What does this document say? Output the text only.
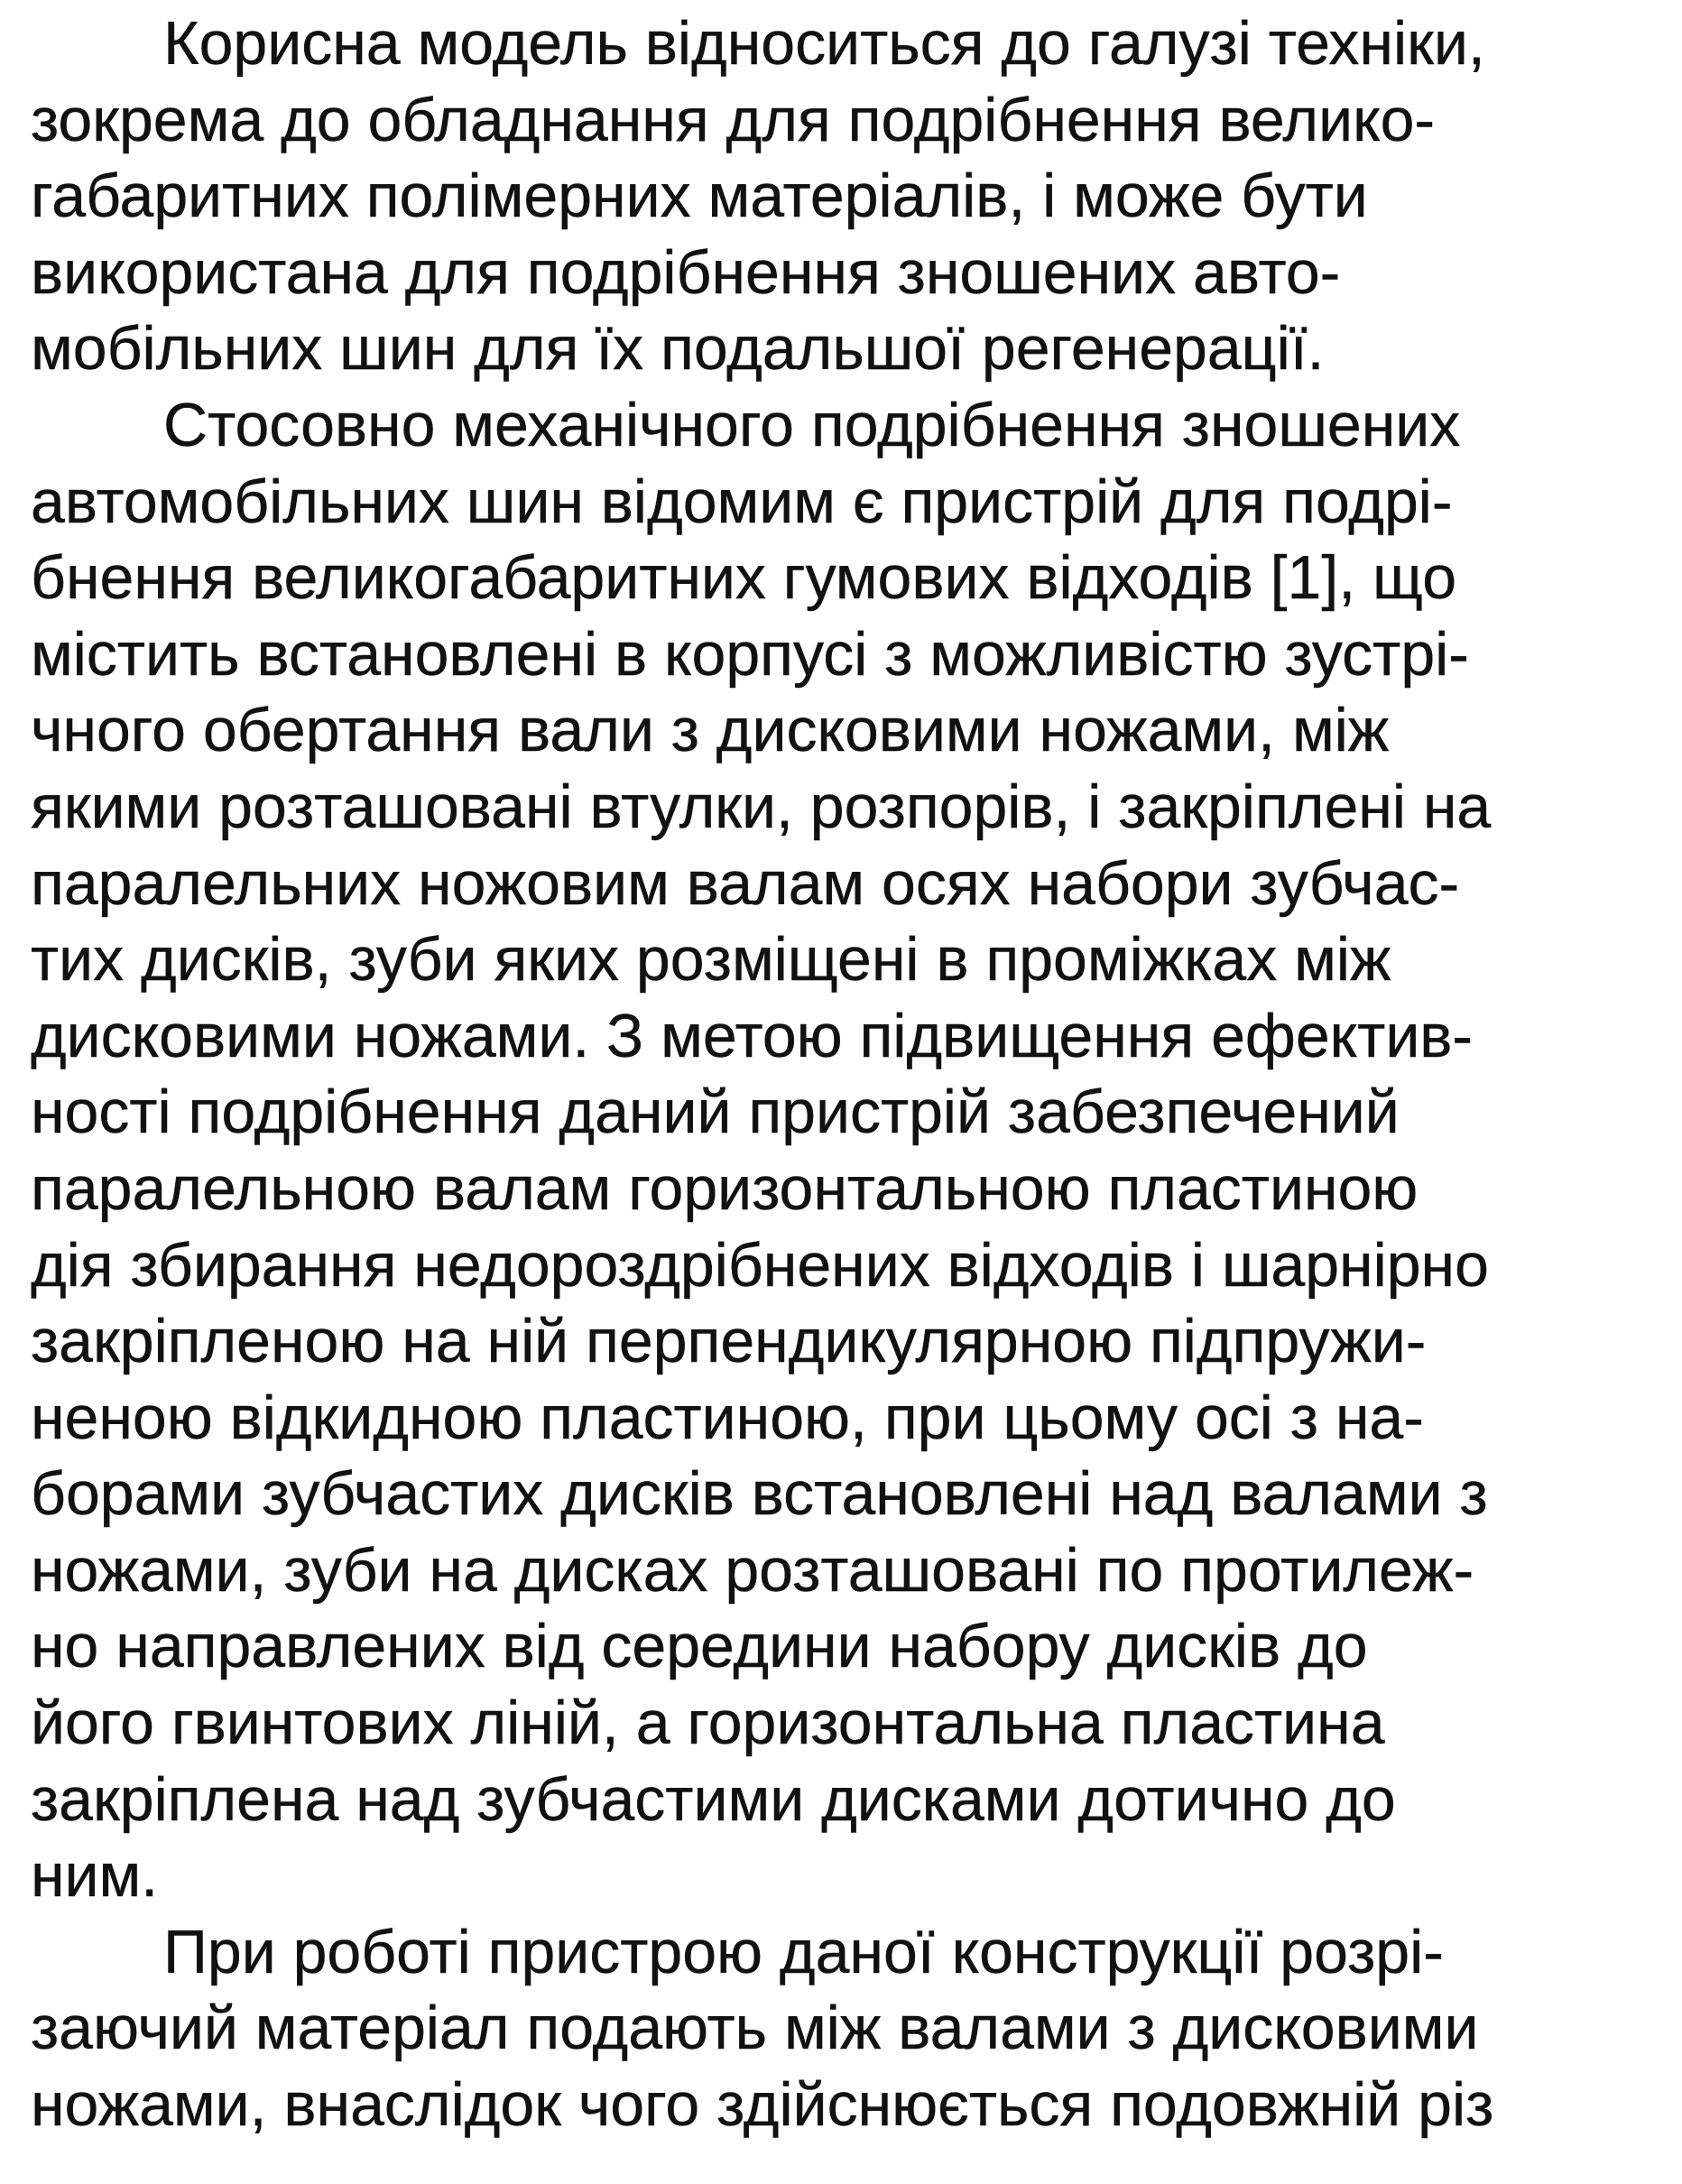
Корисна модель відноситься до галузі техніки,
зокрема до обладнання для подрібнення велико-
габаритних полімерних матеріалів, і може бути
використана для подрібнення зношених авто-
мобільних шин для їх подальшої регенерації.
Стосовно механічного подрібнення зношених
автомобільних шин відомим є пристрій для подрі-
бнення великогабаритних гумових відходів [1], що
містить встановлені в корпусі з можливістю зустрі-
чного обертання вали з дисковими ножами, між
якими розташовані втулки, розпорів, і закріплені на
паралельних ножовим валам осях набори зубчас-
тих дисків, зуби яких розміщені в проміжках між
дисковими ножами. З метою підвищення ефектив-
ності подрібнення даний пристрій забезпечений
паралельною валам горизонтальною пластиною
дія збирання недороздрібнених відходів і шарнірно
закріпленою на ній перпендикулярною підпружи-
неною відкидною пластиною, при цьому осі з на-
борами зубчастих дисків встановлені над валами з
ножами, зуби на дисках розташовані по протилеж-
но направлених від середини набору дисків до
його гвинтових ліній, а горизонтальна пластина
закріплена над зубчастими дисками дотично до
ним.
При роботі пристрою даної конструкції розрі-
заючий матеріал подають між валами з дисковими
ножами, внаслідок чого здійснюється подовжній різ
